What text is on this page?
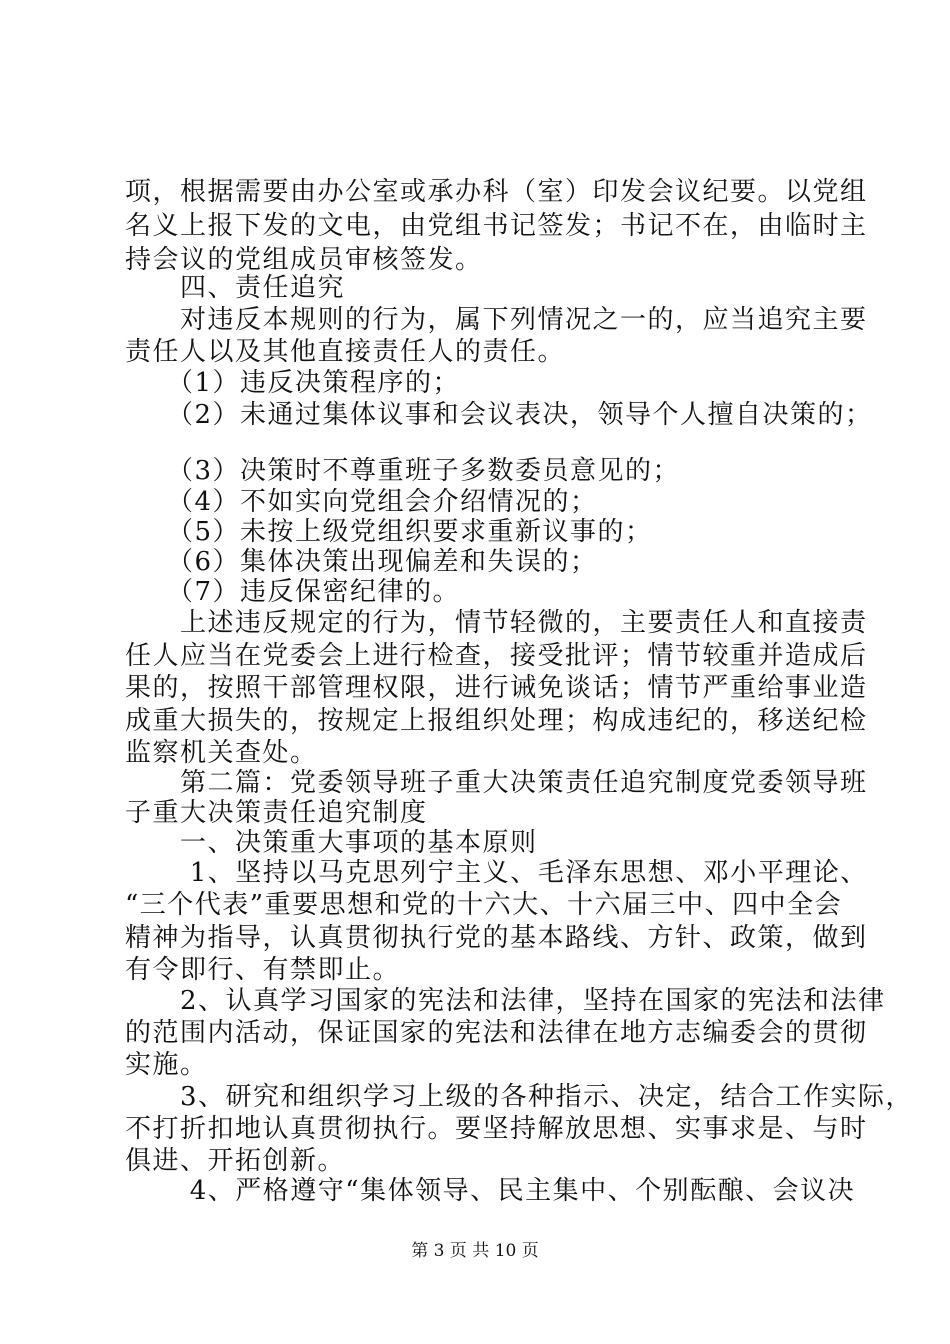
项，根据需要由办公室或承办科（室）印发会议纪要。以党组
名义上报下发的文电，由党组书记签发；书记不在，由临时主
持会议的党组成员审核签发。
　　四、责任追究
　　对违反本规则的行为，属下列情况之一的，应当追究主要
责任人以及其他直接责任人的责任。
　　（1）违反决策程序的；
　　（2）未通过集体议事和会议表决，领导个人擅自决策的；
　　（3）决策时不尊重班子多数委员意见的；
　　（4）不如实向党组会介绍情况的；
　　（5）未按上级党组织要求重新议事的；
　　（6）集体决策出现偏差和失误的；
　　（7）违反保密纪律的。
　　上述违反规定的行为，情节轻微的，主要责任人和直接责
任人应当在党委会上进行检查，接受批评；情节较重并造成后
果的，按照干部管理权限，进行诫免谈话；情节严重给事业造
成重大损失的，按规定上报组织处理；构成违纪的，移送纪检
监察机关查处。
　　第二篇：党委领导班子重大决策责任追究制度党委领导班
子重大决策责任追究制度
　　一、决策重大事项的基本原则
　　 1、坚持以马克思列宁主义、毛泽东思想、邓小平理论、
“三个代表”重要思想和党的十六大、十六届三中、四中全会
精神为指导，认真贯彻执行党的基本路线、方针、政策，做到
有令即行、有禁即止。
　　2、认真学习国家的宪法和法律，坚持在国家的宪法和法律
的范围内活动，保证国家的宪法和法律在地方志编委会的贯彻
实施。
　　3、研究和组织学习上级的各种指示、决定，结合工作实际，
不打折扣地认真贯彻执行。要坚持解放思想、实事求是、与时
俱进、开拓创新。
　　 4、严格遵守“集体领导、民主集中、个别酝酿、会议决
第 3 页 共 10 页
